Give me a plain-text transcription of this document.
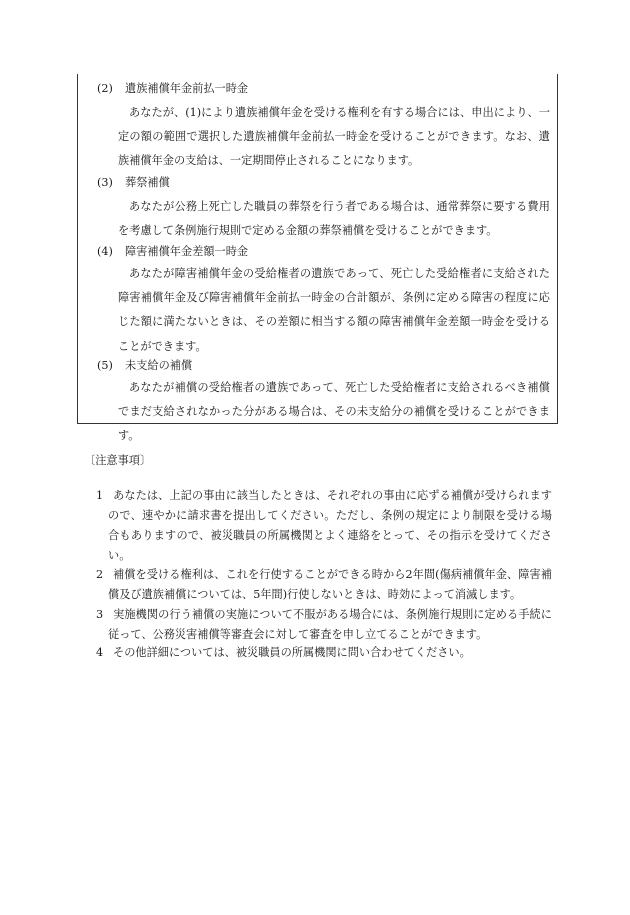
(2) 遺族補償年金前払一時金

あなたが、(1)により遺族補償年金を受ける権利を有する場合には、申出により、一定の額の範囲で選択した遺族補償年金前払一時金を受けることができます。なお、遺族補償年金の支給は、一定期間停止されることになります。

(3) 葬祭補償

あなたが公務上死亡した職員の葬祭を行う者である場合は、通常葬祭に要する費用を考慮して条例施行規則で定める金額の葬祭補償を受けることができます。

(4) 障害補償年金差額一時金

あなたが障害補償年金の受給権者の遺族であって、死亡した受給権者に支給された障害補償年金及び障害補償年金前払一時金の合計額が、条例に定める障害の程度に応じた額に満たないときは、その差額に相当する額の障害補償年金差額一時金を受けることができます。

(5) 未支給の補償

あなたが補償の受給権者の遺族であって、死亡した受給権者に支給されるべき補償でまだ支給されなかった分がある場合は、その未支給分の補償を受けることができます。

〔注意事項〕

1 あなたは、上記の事由に該当したときは、それぞれの事由に応ずる補償が受けられますので、速やかに請求書を提出してください。ただし、条例の規定により制限を受ける場合もありますので、被災職員の所属機関とよく連絡をとって、その指示を受けてください。

2 補償を受ける権利は、これを行使することができる時から2年間(傷病補償年金、障害補償及び遺族補償については、5年間)行使しないときは、時効によって消滅します。

3 実施機関の行う補償の実施について不服がある場合には、条例施行規則に定める手続に従って、公務災害補償等審査会に対して審査を申し立てることができます。

4 その他詳細については、被災職員の所属機関に問い合わせてください。
